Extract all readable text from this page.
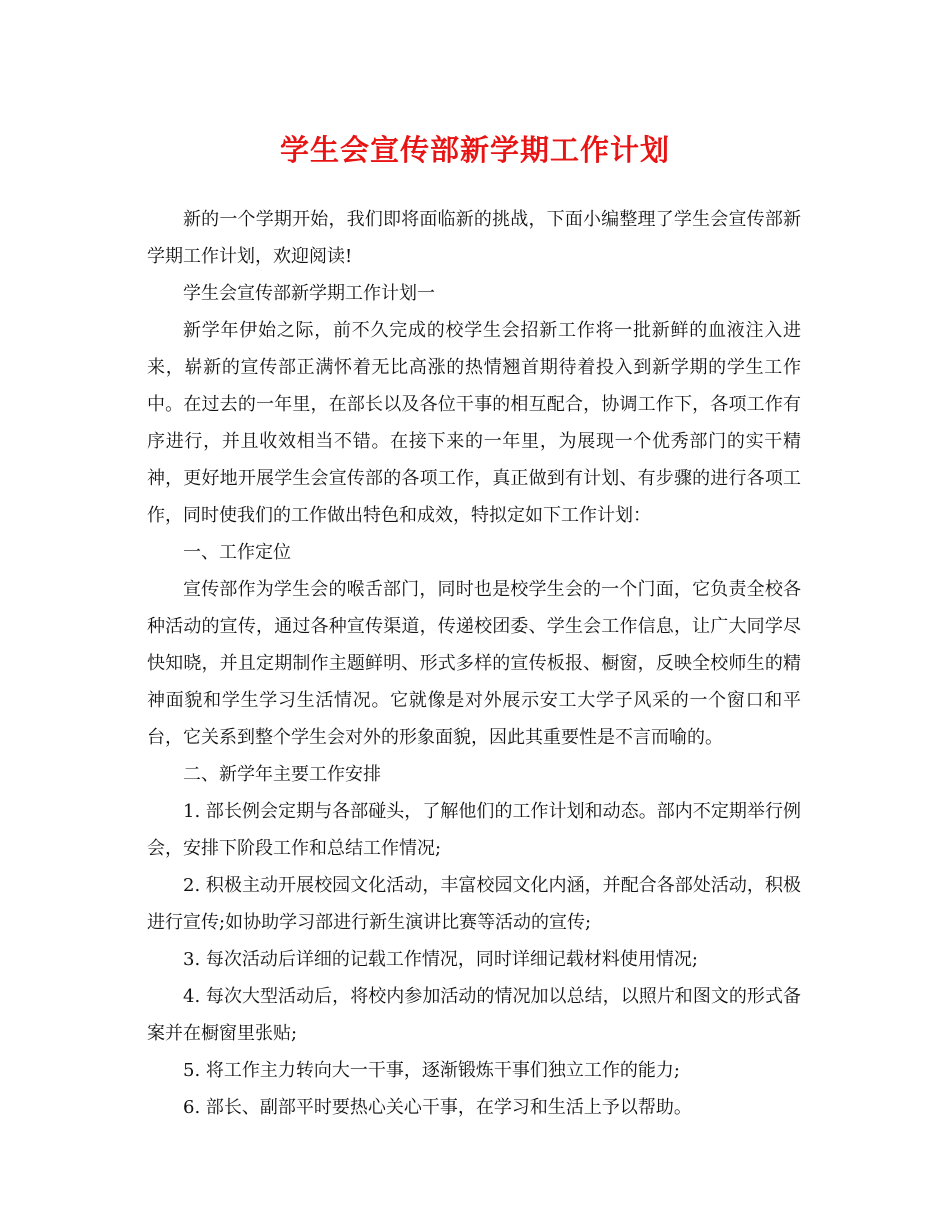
学生会宣传部新学期工作计划

新的一个学期开始，我们即将面临新的挑战，下面小编整理了学生会宣传部新学期工作计划，欢迎阅读!

学生会宣传部新学期工作计划一

新学年伊始之际，前不久完成的校学生会招新工作将一批新鲜的血液注入进来，崭新的宣传部正满怀着无比高涨的热情翘首期待着投入到新学期的学生工作中。在过去的一年里，在部长以及各位干事的相互配合，协调工作下，各项工作有序进行，并且收效相当不错。在接下来的一年里，为展现一个优秀部门的实干精神，更好地开展学生会宣传部的各项工作，真正做到有计划、有步骤的进行各项工作，同时使我们的工作做出特色和成效，特拟定如下工作计划：

一、工作定位

宣传部作为学生会的喉舌部门，同时也是校学生会的一个门面，它负责全校各种活动的宣传，通过各种宣传渠道，传递校团委、学生会工作信息，让广大同学尽快知晓，并且定期制作主题鲜明、形式多样的宣传板报、橱窗，反映全校师生的精神面貌和学生学习生活情况。它就像是对外展示安工大学子风采的一个窗口和平台，它关系到整个学生会对外的形象面貌，因此其重要性是不言而喻的。

二、新学年主要工作安排

1. 部长例会定期与各部碰头，了解他们的工作计划和动态。部内不定期举行例会，安排下阶段工作和总结工作情况;

2. 积极主动开展校园文化活动，丰富校园文化内涵，并配合各部处活动，积极进行宣传;如协助学习部进行新生演讲比赛等活动的宣传;

3. 每次活动后详细的记载工作情况，同时详细记载材料使用情况;

4. 每次大型活动后，将校内参加活动的情况加以总结，以照片和图文的形式备案并在橱窗里张贴;

5. 将工作主力转向大一干事，逐渐锻炼干事们独立工作的能力;

6. 部长、副部平时要热心关心干事，在学习和生活上予以帮助。
